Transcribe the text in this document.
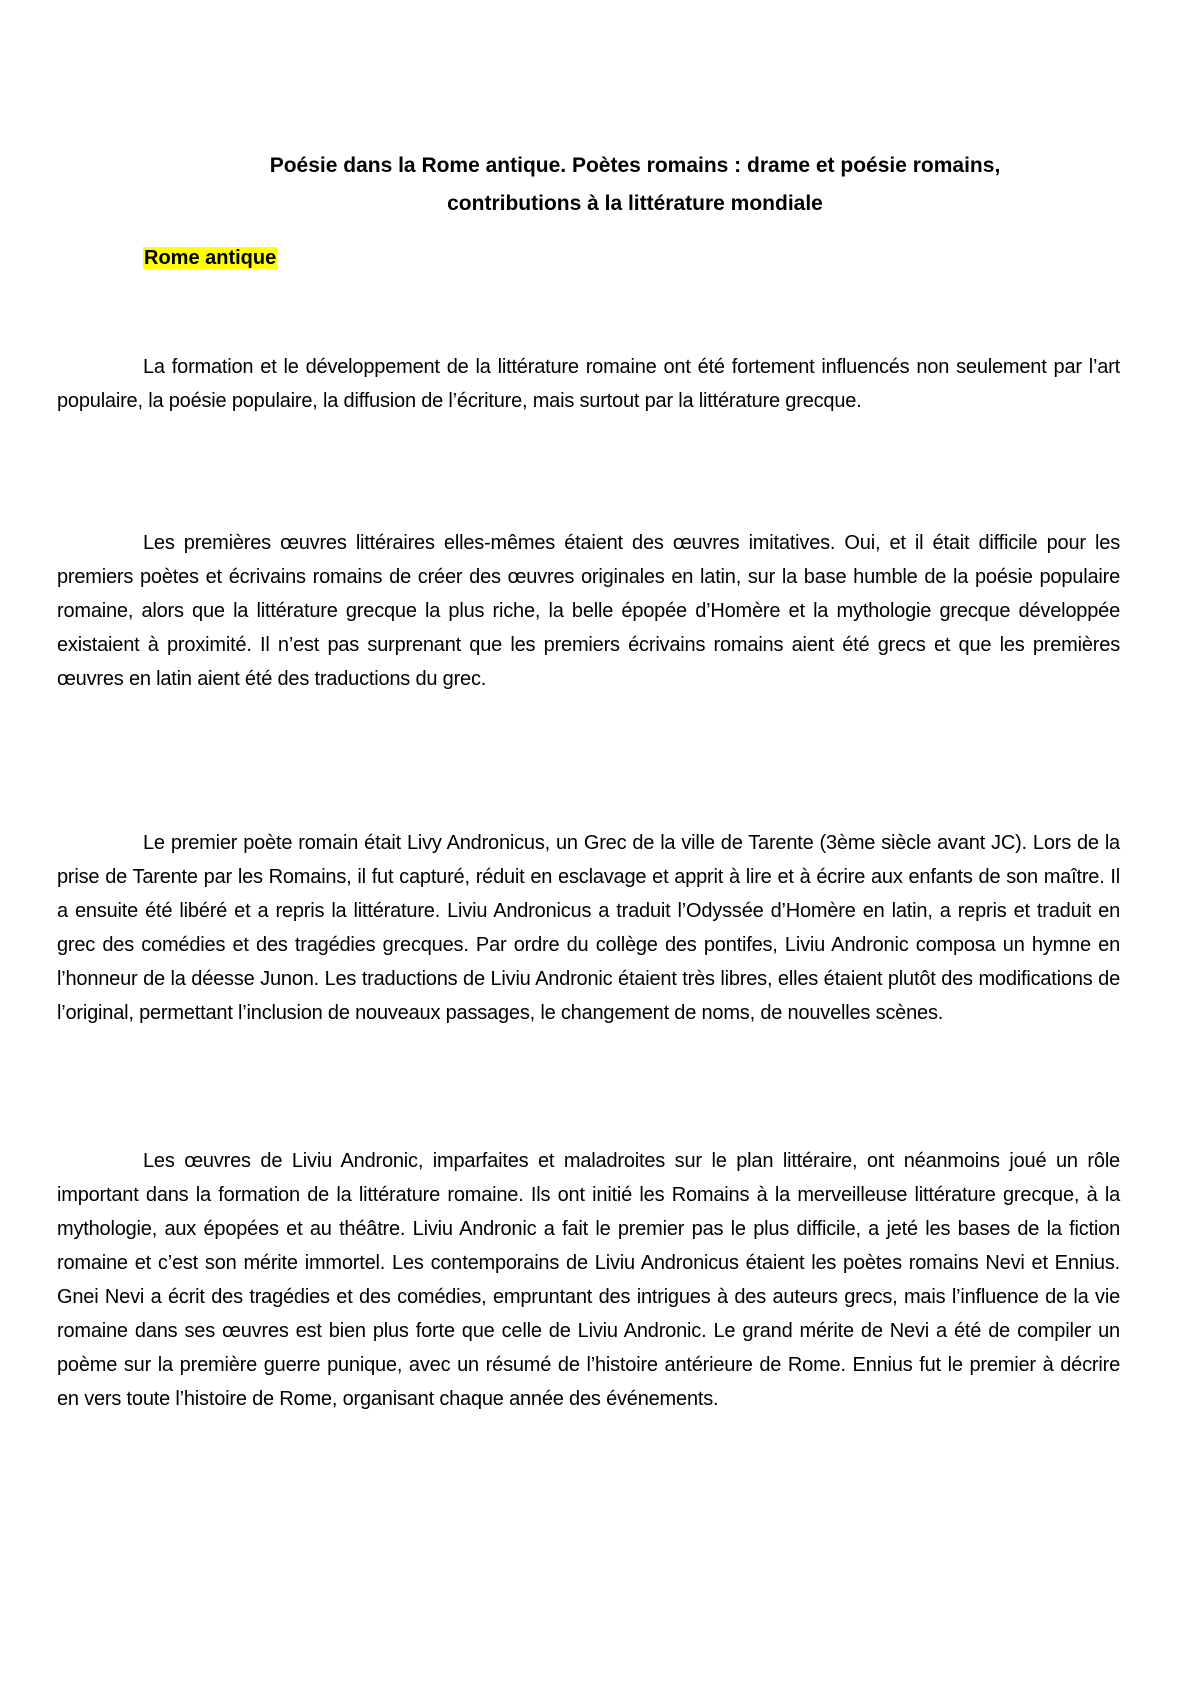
Poésie dans la Rome antique. Poètes romains : drame et poésie romains,
contributions à la littérature mondiale
Rome antique

La formation et le développement de la littérature romaine ont été fortement influencés non seulement par l’art populaire, la poésie populaire, la diffusion de l’écriture, mais surtout par la littérature grecque.

Les premières œuvres littéraires elles-mêmes étaient des œuvres imitatives. Oui, et il était difficile pour les premiers poètes et écrivains romains de créer des œuvres originales en latin, sur la base humble de la poésie populaire romaine, alors que la littérature grecque la plus riche, la belle épopée d’Homère et la mythologie grecque développée existaient à proximité. Il n’est pas surprenant que les premiers écrivains romains aient été grecs et que les premières œuvres en latin aient été des traductions du grec.

Le premier poète romain était Livy Andronicus, un Grec de la ville de Tarente (3ème siècle avant JC). Lors de la prise de Tarente par les Romains, il fut capturé, réduit en esclavage et apprit à lire et à écrire aux enfants de son maître. Il a ensuite été libéré et a repris la littérature. Liviu Andronicus a traduit l’Odyssée d’Homère en latin, a repris et traduit en grec des comédies et des tragédies grecques. Par ordre du collège des pontifes, Liviu Andronic composa un hymne en l’honneur de la déesse Junon. Les traductions de Liviu Andronic étaient très libres, elles étaient plutôt des modifications de l’original, permettant l’inclusion de nouveaux passages, le changement de noms, de nouvelles scènes.

Les œuvres de Liviu Andronic, imparfaites et maladroites sur le plan littéraire, ont néanmoins joué un rôle important dans la formation de la littérature romaine. Ils ont initié les Romains à la merveilleuse littérature grecque, à la mythologie, aux épopées et au théâtre. Liviu Andronic a fait le premier pas le plus difficile, a jeté les bases de la fiction romaine et c’est son mérite immortel. Les contemporains de Liviu Andronicus étaient les poètes romains Nevi et Ennius. Gnei Nevi a écrit des tragédies et des comédies, empruntant des intrigues à des auteurs grecs, mais l’influence de la vie romaine dans ses œuvres est bien plus forte que celle de Liviu Andronic. Le grand mérite de Nevi a été de compiler un poème sur la première guerre punique, avec un résumé de l’histoire antérieure de Rome. Ennius fut le premier à décrire en vers toute l’histoire de Rome, organisant chaque année des événements.
